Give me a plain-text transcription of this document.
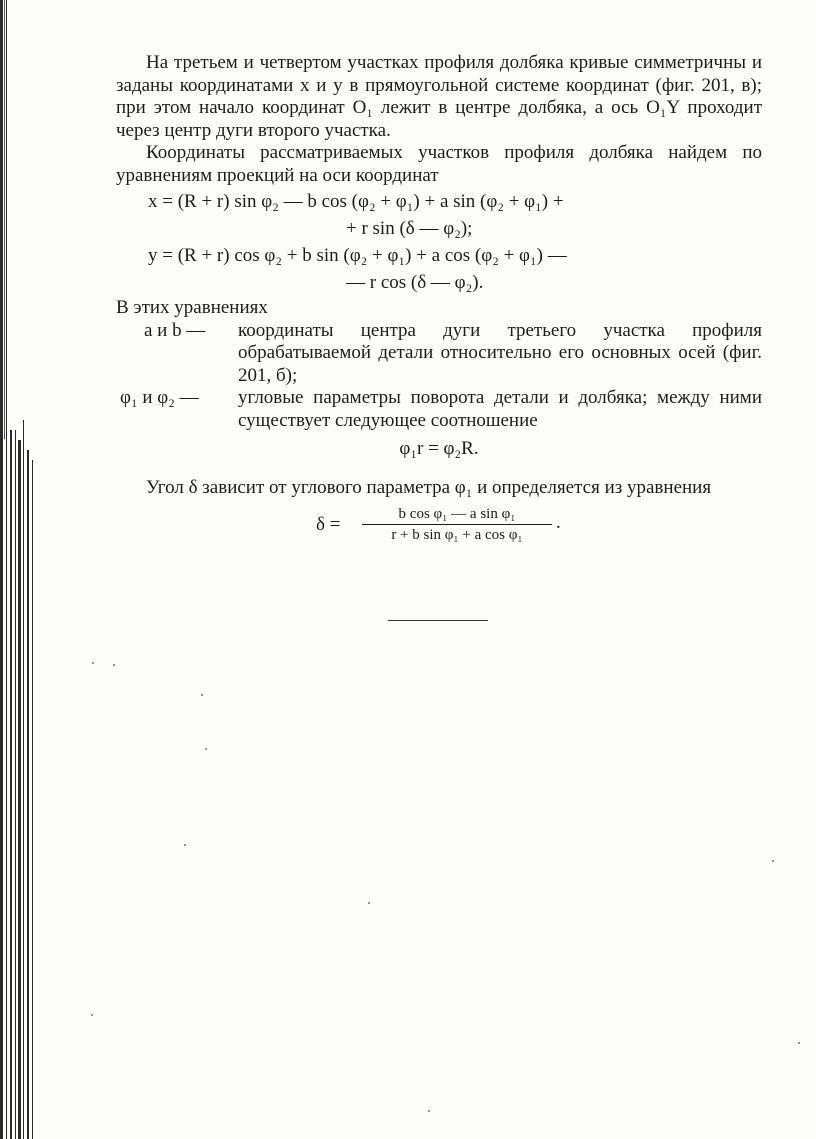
На третьем и четвертом участках профиля долбяка кривые симметричны и заданы координатами x и y в прямоугольной системе координат (фиг. 201, в); при этом начало координат O₁ лежит в центре долбяка, а ось O₁Y проходит через центр дуги второго участка.

Координаты рассматриваемых участков профиля долбяка найдем по уравнениям проекций на оси координат

x = (R + r) sin φ₂ — b cos (φ₂ + φ₁) + a sin (φ₂ + φ₁) +
+ r sin (δ — φ₂);
y = (R + r) cos φ₂ + b sin (φ₂ + φ₁) + a cos (φ₂ + φ₁) —
— r cos (δ — φ₂).

В этих уравнениях

a и b — координаты центра дуги третьего участка профиля обрабатываемой детали относительно его основных осей (фиг. 201, б);

φ₁ и φ₂ — угловые параметры поворота детали и долбяка; между ними существует следующее соотношение

φ₁r = φ₂R.

Угол δ зависит от углового параметра φ₁ и определяется из уравнения

δ =	b cos φ₁ — a sin φ₁
r + b sin φ₁ + a cos φ₁
.
